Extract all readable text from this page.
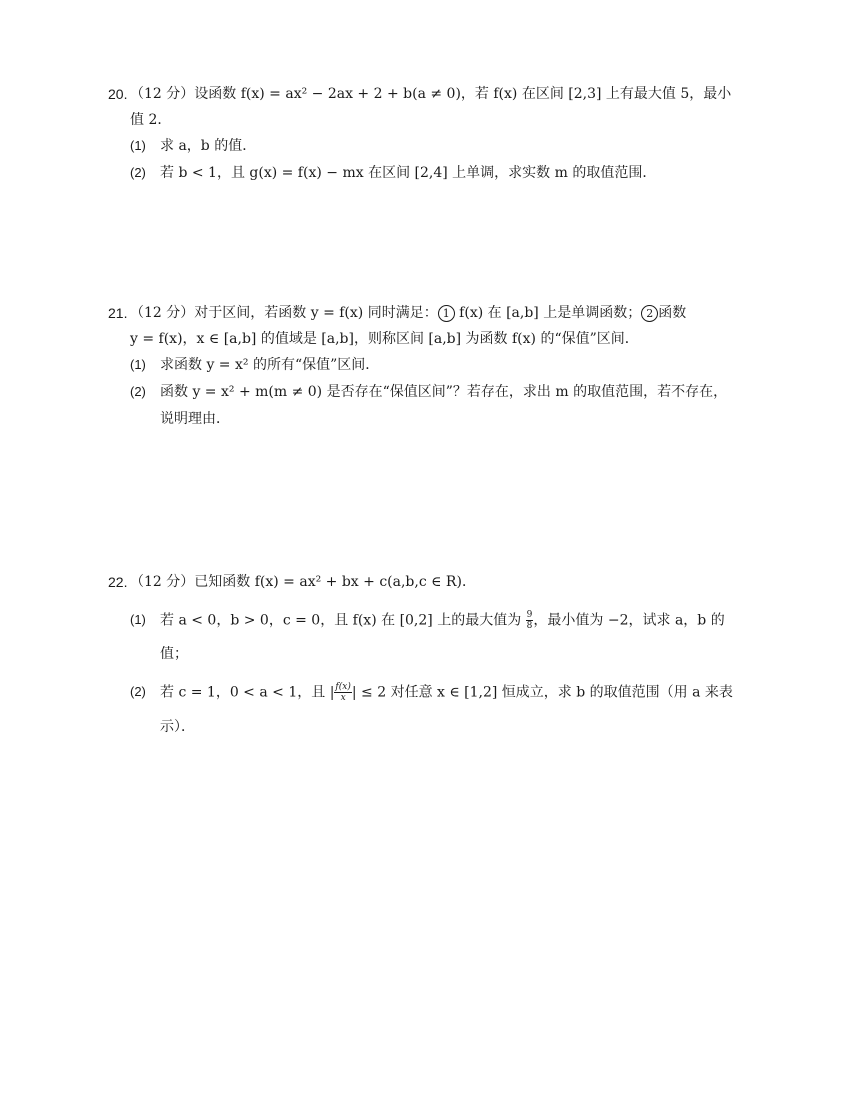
20. （12 分）设函数 f(x) = ax² − 2ax + 2 + b(a ≠ 0)，若 f(x) 在区间 [2,3] 上有最大值 5，最小
值 2．
(1) 求 a，b 的值．
(2) 若 b < 1，且 g(x) = f(x) − mx 在区间 [2,4] 上单调，求实数 m 的取值范围．
21. （12 分）对于区间，若函数 y = f(x) 同时满足： 1 f(x) 在 [a,b] 上是单调函数； 2 函数
y = f(x)，x ∈ [a,b] 的值域是 [a,b]，则称区间 [a,b] 为函数 f(x) 的“保值”区间．
(1) 求函数 y = x² 的所有“保值”区间．
(2) 函数 y = x² + m(m ≠ 0) 是否存在“保值区间”？若存在，求出 m 的取值范围，若不存在，
说明理由．
22. （12 分）已知函数 f(x) = ax² + bx + c(a,b,c ∈ R)．
(1) 若 a < 0，b > 0，c = 0，且 f(x) 在 [0,2] 上的最大值为 $\frac{9}{8}$ ，最小值为 −2，试求 a，b 的
值；
(2) 若 c = 1，0 < a < 1，且 | $\frac{f(x)}{x}$ | ≤ 2 对任意 x ∈ [1,2] 恒成立，求 b 的取值范围（用 a 来表
示）．
